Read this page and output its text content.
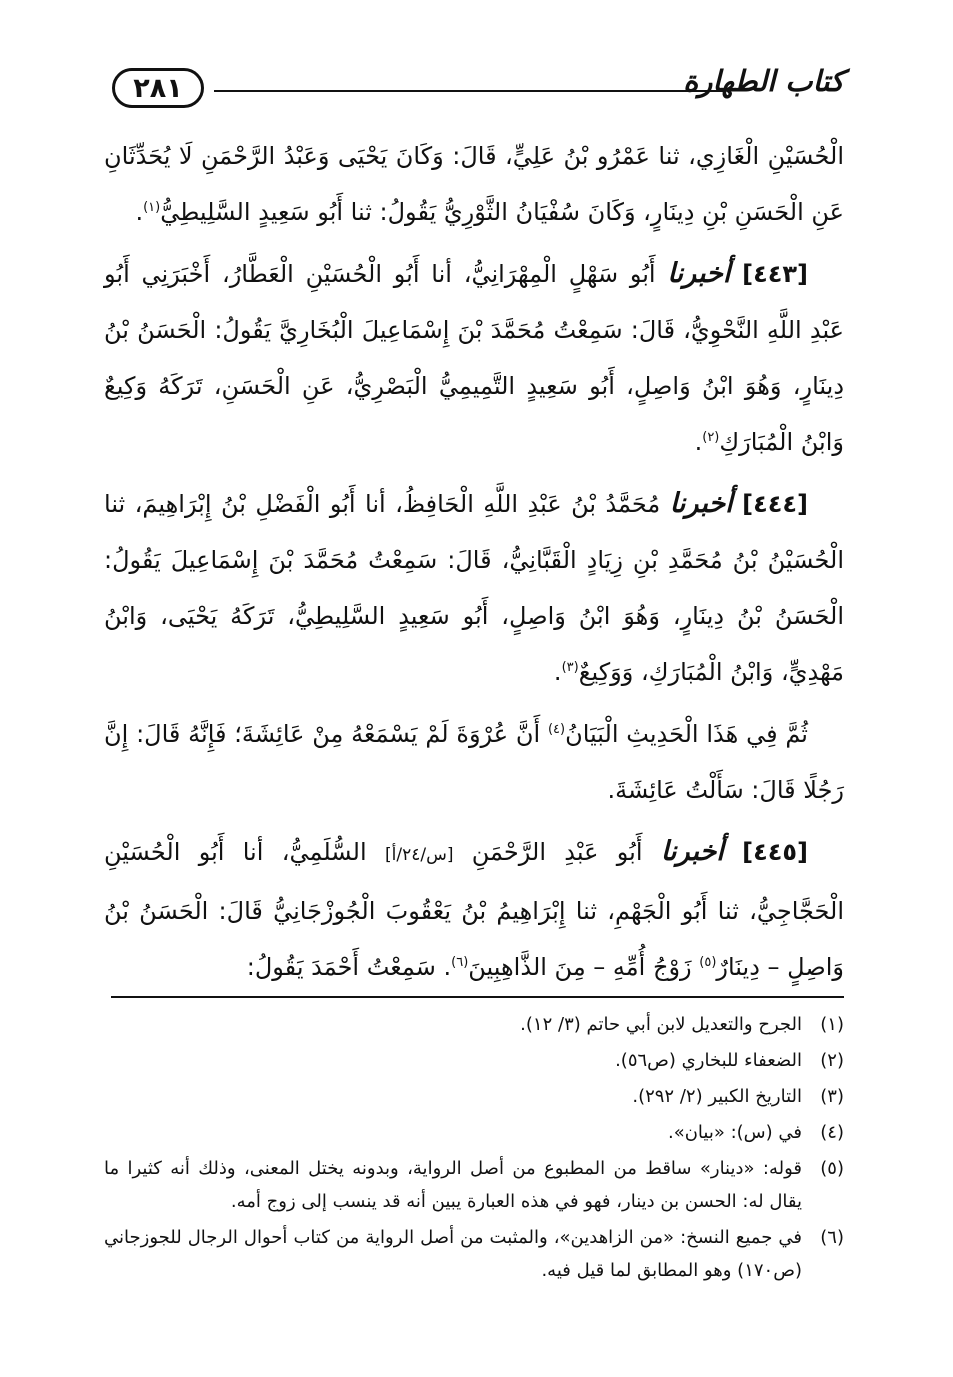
كتاب الطهارة
٢٨١

الْحُسَيْنِ الْغَازِي، ثنا عَمْرُو بْنُ عَلِيٍّ، قَالَ: وَكَانَ يَحْيَى وَعَبْدُ الرَّحْمَنِ لَا يُحَدِّثَانِ عَنِ الْحَسَنِ بْنِ دِينَارٍ، وَكَانَ سُفْيَانُ الثَّوْرِيُّ يَقُولُ: ثنا أَبُو سَعِيدٍ السَّلِيطِيُّ$^{(١)}$.

[٤٤٣] أخبرنا أَبُو سَهْلٍ الْمِهْرَانِيُّ، أنا أَبُو الْحُسَيْنِ الْعَطَّارُ، أَخْبَرَنِي أَبُو عَبْدِ اللَّهِ النَّحْوِيُّ، قَالَ: سَمِعْتُ مُحَمَّدَ بْنَ إِسْمَاعِيلَ الْبُخَارِيَّ يَقُولُ: الْحَسَنُ بْنُ دِينَارٍ، وَهُوَ ابْنُ وَاصِلٍ، أَبُو سَعِيدٍ التَّمِيمِيُّ الْبَصْرِيُّ، عَنِ الْحَسَنِ، تَرَكَهُ وَكِيعٌ وَابْنُ الْمُبَارَكِ$^{(٢)}$.

[٤٤٤] أخبرنا مُحَمَّدُ بْنُ عَبْدِ اللَّهِ الْحَافِظُ، أنا أَبُو الْفَضْلِ بْنُ إِبْرَاهِيمَ، ثنا الْحُسَيْنُ بْنُ مُحَمَّدِ بْنِ زِيَادٍ الْقَبَّانِيُّ، قَالَ: سَمِعْتُ مُحَمَّدَ بْنَ إِسْمَاعِيلَ يَقُولُ: الْحَسَنُ بْنُ دِينَارٍ، وَهُوَ ابْنُ وَاصِلٍ، أَبُو سَعِيدٍ السَّلِيطِيُّ، تَرَكَهُ يَحْيَى، وَابْنُ مَهْدِيٍّ، وَابْنُ الْمُبَارَكِ، وَوَكِيعٌ$^{(٣)}$.

ثُمَّ فِي هَذَا الْحَدِيثِ الْبَيَانُ$^{(٤)}$ أَنَّ عُرْوَةَ لَمْ يَسْمَعْهُ مِنْ عَائِشَةَ؛ فَإِنَّهُ قَالَ: إِنَّ رَجُلًا قَالَ: سَأَلْتُ عَائِشَةَ.

[٤٤٥] أخبرنا أَبُو عَبْدِ الرَّحْمَنِ [س/٢٤/أ] السُّلَمِيُّ، أنا أَبُو الْحُسَيْنِ الْحَجَّاجِيُّ، ثنا أَبُو الْجَهْمِ، ثنا إِبْرَاهِيمُ بْنُ يَعْقُوبَ الْجُوزْجَانِيُّ قَالَ: الْحَسَنُ بْنُ وَاصِلٍ – دِينَارٌ$^{(٥)}$ زَوْجُ أُمِّهِ – مِنَ الذَّاهِبِينَ$^{(٦)}$. سَمِعْتُ أَحْمَدَ يَقُولُ:

(١)
الجرح والتعديل لابن أبي حاتم (٣/ ١٢).
(٢)
الضعفاء للبخاري (ص٥٦).
(٣)
التاريخ الكبير (٢/ ٢٩٢).
(٤)
في (س): «بيان».
(٥)
قوله: «دينار» ساقط من المطبوع من أصل الرواية، وبدونه يختل المعنى، وذلك أنه كثيرا ما يقال له: الحسن بن دينار، فهو في هذه العبارة يبين أنه قد ينسب إلى زوج أمه.
(٦)
في جميع النسخ: «من الزاهدين»، والمثبت من أصل الرواية من كتاب أحوال الرجال للجوزجاني (ص١٧٠) وهو المطابق لما قيل فيه.
